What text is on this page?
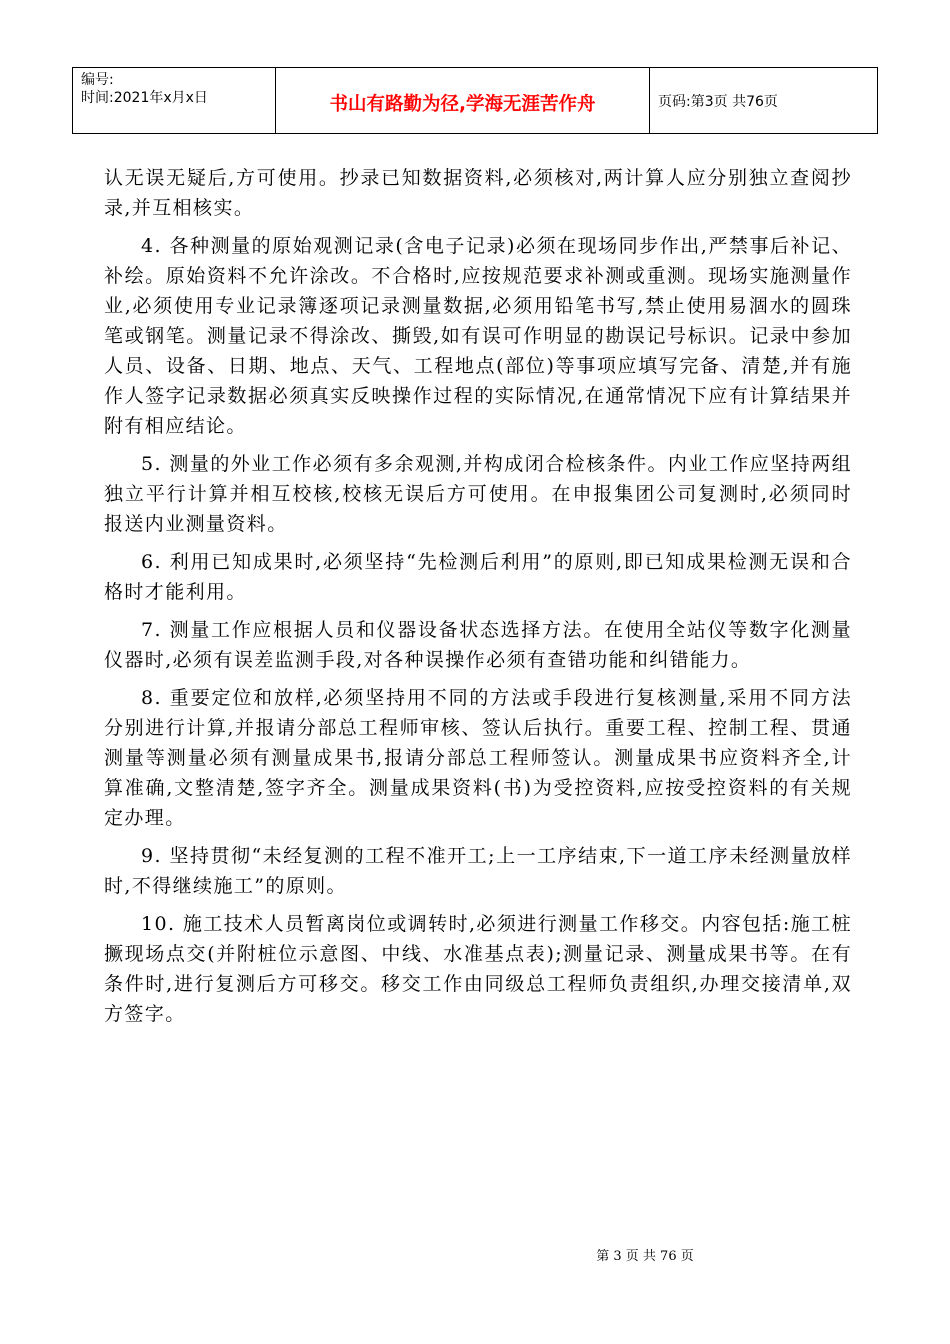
编号:
时间:2021年x月x日	书山有路勤为径,学海无涯苦作舟	页码:第3页 共76页

认无误无疑后,方可使用。抄录已知数据资料,必须核对,两计算人应分别独立查阅抄录,并互相核实。

4. 各种测量的原始观测记录(含电子记录)必须在现场同步作出,严禁事后补记、补绘。原始资料不允许涂改。不合格时,应按规范要求补测或重测。现场实施测量作业,必须使用专业记录簿逐项记录测量数据,必须用铅笔书写,禁止使用易涸水的圆珠笔或钢笔。测量记录不得涂改、撕毁,如有误可作明显的勘误记号标识。记录中参加人员、设备、日期、地点、天气、工程地点(部位)等事项应填写完备、清楚,并有施作人签字记录数据必须真实反映操作过程的实际情况,在通常情况下应有计算结果并附有相应结论。

5. 测量的外业工作必须有多余观测,并构成闭合检核条件。内业工作应坚持两组独立平行计算并相互校核,校核无误后方可使用。在申报集团公司复测时,必须同时报送内业测量资料。

6. 利用已知成果时,必须坚持“先检测后利用”的原则,即已知成果检测无误和合格时才能利用。

7. 测量工作应根据人员和仪器设备状态选择方法。在使用全站仪等数字化测量仪器时,必须有误差监测手段,对各种误操作必须有查错功能和纠错能力。

8. 重要定位和放样,必须坚持用不同的方法或手段进行复核测量,采用不同方法分别进行计算,并报请分部总工程师审核、签认后执行。重要工程、控制工程、贯通测量等测量必须有测量成果书,报请分部总工程师签认。测量成果书应资料齐全,计算准确,文整清楚,签字齐全。测量成果资料(书)为受控资料,应按受控资料的有关规定办理。

9. 坚持贯彻“未经复测的工程不准开工;上一工序结束,下一道工序未经测量放样时,不得继续施工”的原则。

10. 施工技术人员暂离岗位或调转时,必须进行测量工作移交。内容包括:施工桩撅现场点交(并附桩位示意图、中线、水准基点表);测量记录、测量成果书等。在有条件时,进行复测后方可移交。移交工作由同级总工程师负责组织,办理交接清单,双方签字。

第 3 页 共 76 页
